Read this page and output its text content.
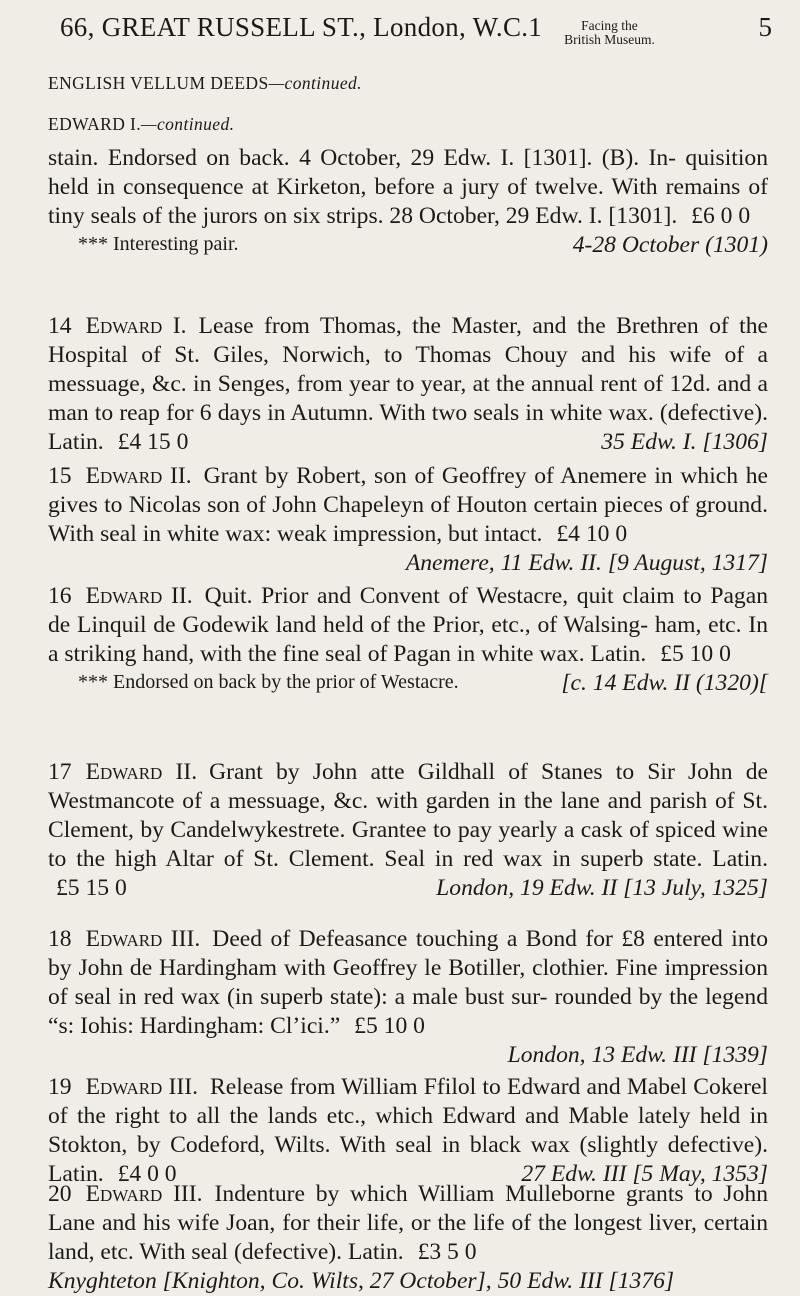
66, GREAT RUSSELL ST., London, W.C.1	Facing the
British Museum.	5
ENGLISH VELLUM DEEDS—continued.
EDWARD I.—continued.
stain. Endorsed on back. 4 October, 29 Edw. I. [1301]. (B). In- quisition held in consequence at Kirketon, before a jury of twelve. With remains of tiny seals of the jurors on six strips. 28 October, 29 Edw. I. [1301]. £6 0 0
4-28 October (1301)
*** Interesting pair.
14 Edward I. Lease from Thomas, the Master, and the Brethren of the Hospital of St. Giles, Norwich, to Thomas Chouy and his wife of a messuage, &c. in Senges, from year to year, at the annual rent of 12d. and a man to reap for 6 days in Autumn. With two seals in white wax. (defective). Latin. £4 15 0	35 Edw. I. [1306]
15 Edward II. Grant by Robert, son of Geoffrey of Anemere in which he gives to Nicolas son of John Chapeleyn of Houton certain pieces of ground. With seal in white wax: weak impression, but intact. £4 10 0
Anemere, 11 Edw. II. [9 August, 1317]
16 Edward II. Quit. Prior and Convent of Westacre, quit claim to Pagan de Linquil de Godewik land held of the Prior, etc., of Walsing- ham, etc. In a striking hand, with the fine seal of Pagan in white wax. Latin. £5 10 0
[c. 14 Edw. II (1320)[
*** Endorsed on back by the prior of Westacre.
17 Edward II. Grant by John atte Gildhall of Stanes to Sir John de Westmancote of a messuage, &c. with garden in the lane and parish of St. Clement, by Candelwykestrete. Grantee to pay yearly a cask of spiced wine to the high Altar of St. Clement. Seal in red wax in superb state. Latin. £5 15 0	London, 19 Edw. II [13 July, 1325]
18 Edward III. Deed of Defeasance touching a Bond for £8 entered into by John de Hardingham with Geoffrey le Botiller, clothier. Fine impression of seal in red wax (in superb state): a male bust sur- rounded by the legend “s: Iohis: Hardingham: Cl’ici.” £5 10 0
London, 13 Edw. III [1339]
19 Edward III. Release from William Ffilol to Edward and Mabel Cokerel of the right to all the lands etc., which Edward and Mable lately held in Stokton, by Codeford, Wilts. With seal in black wax (slightly defective). Latin. £4 0 0	27 Edw. III [5 May, 1353]
20 Edward III. Indenture by which William Mulleborne grants to John Lane and his wife Joan, for their life, or the life of the longest liver, certain land, etc. With seal (defective). Latin. £3 5 0
Knyghteton [Knighton, Co. Wilts, 27 October], 50 Edw. III [1376]
